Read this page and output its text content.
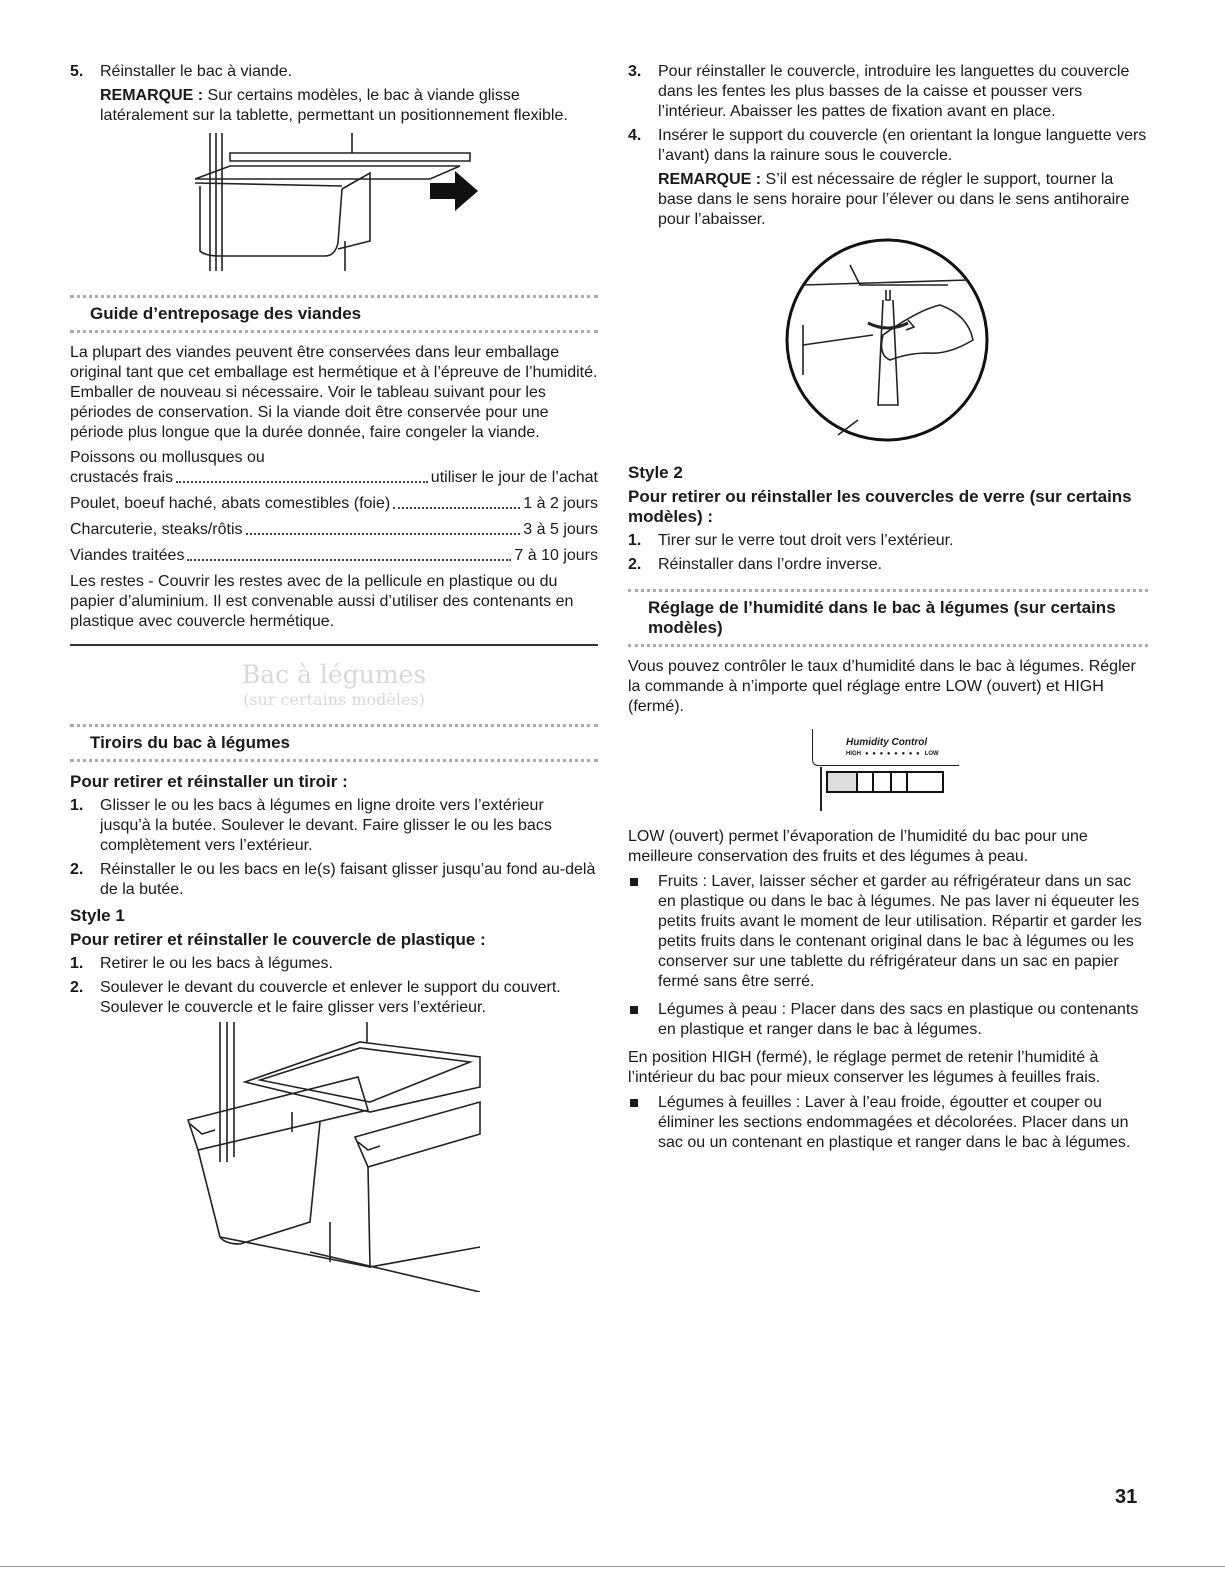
5. Réinstaller le bac à viande.

REMARQUE : Sur certains modèles, le bac à viande glisse latéralement sur la tablette, permettant un positionnement flexible.

Guide d’entreposage des viandes

La plupart des viandes peuvent être conservées dans leur emballage original tant que cet emballage est hermétique et à l’épreuve de l’humidité. Emballer de nouveau si nécessaire. Voir le tableau suivant pour les périodes de conservation. Si la viande doit être conservée pour une période plus longue que la durée donnée, faire congeler la viande.

Poissons ou mollusques ou

crustacés frais	utiliser le jour de l’achat
Poulet, boeuf haché, abats comestibles (foie)	1 à 2 jours
Charcuterie, steaks/rôtis	3 à 5 jours
Viandes traitées	7 à 10 jours

Les restes - Couvrir les restes avec de la pellicule en plastique ou du papier d’aluminium. Il est convenable aussi d’utiliser des contenants en plastique avec couvercle hermétique.

Bac à légumes
(sur certains modèles)
Tiroirs du bac à légumes
Pour retirer et réinstaller un tiroir :
1. Glisser le ou les bacs à légumes en ligne droite vers l’extérieur jusqu’à la butée. Soulever le devant. Faire glisser le ou les bacs complètement vers l’extérieur.
2. Réinstaller le ou les bacs en le(s) faisant glisser jusqu’au fond au-delà de la butée.
Style 1
Pour retirer et réinstaller le couvercle de plastique :
1. Retirer le ou les bacs à légumes.
2. Soulever le devant du couvercle et enlever le support du couvert. Soulever le couvercle et le faire glisser vers l’extérieur.
3. Pour réinstaller le couvercle, introduire les languettes du couvercle dans les fentes les plus basses de la caisse et pousser vers l’intérieur. Abaisser les pattes de fixation avant en place.
4. Insérer le support du couvercle (en orientant la longue languette vers l’avant) dans la rainure sous le couvercle.

REMARQUE : S’il est nécessaire de régler le support, tourner la base dans le sens horaire pour l’élever ou dans le sens antihoraire pour l’abaisser.

Style 2
Pour retirer ou réinstaller les couvercles de verre (sur certains modèles) :
1. Tirer sur le verre tout droit vers l’extérieur.
2. Réinstaller dans l’ordre inverse.
Réglage de l’humidité dans le bac à légumes (sur certains modèles)

Vous pouvez contrôler le taux d’humidité dans le bac à légumes. Régler la commande à n’importe quel réglage entre LOW (ouvert) et HIGH (fermé).

Humidity Control
HIGH ● ● ● ● ● ● ● ● LOW

LOW (ouvert) permet l’évaporation de l’humidité du bac pour une meilleure conservation des fruits et des légumes à peau.

Fruits : Laver, laisser sécher et garder au réfrigérateur dans un sac en plastique ou dans le bac à légumes. Ne pas laver ni équeuter les petits fruits avant le moment de leur utilisation. Répartir et garder les petits fruits dans le contenant original dans le bac à légumes ou les conserver sur une tablette du réfrigérateur dans un sac en papier fermé sans être serré.
Légumes à peau : Placer dans des sacs en plastique ou contenants en plastique et ranger dans le bac à légumes.

En position HIGH (fermé), le réglage permet de retenir l’humidité à l’intérieur du bac pour mieux conserver les légumes à feuilles frais.

Légumes à feuilles : Laver à l’eau froide, égoutter et couper ou éliminer les sections endommagées et décolorées. Placer dans un sac ou un contenant en plastique et ranger dans le bac à légumes.
31
